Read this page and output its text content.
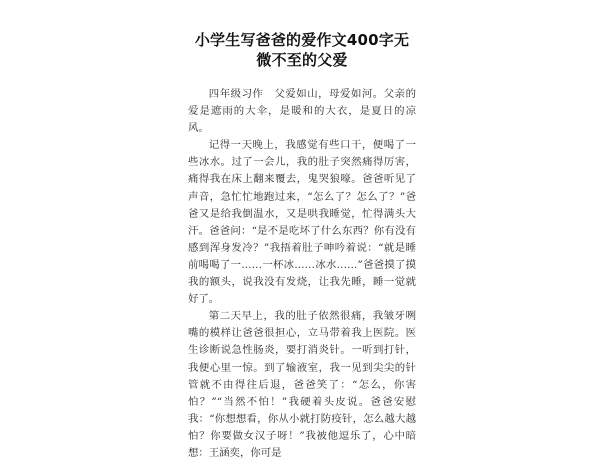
小学生写爸爸的爱作文400字无微不至的父爱

四年级习作　父爱如山，母爱如河。父亲的爱是遮雨的大伞，是暖和的大衣，是夏日的凉风。

记得一天晚上，我感觉有些口干，便喝了一些冰水。过了一会儿，我的肚子突然痛得厉害，痛得我在床上翻来覆去，鬼哭狼嚎。爸爸听见了声音，急忙忙地跑过来，“怎么了？怎么了？”爸爸又是给我倒温水，又是哄我睡觉，忙得满头大汗。爸爸问：“是不是吃坏了什么东西？你有没有感到浑身发冷？”我捂着肚子呻吟着说：“就是睡前喝喝了一……一杯冰……冰水……”爸爸摸了摸我的额头，说我没有发烧，让我先睡，睡一觉就好了。

第二天早上，我的肚子依然很痛，我皱牙咧嘴的模样让爸爸很担心，立马带着我上医院。医生诊断说急性肠炎，要打消炎针。一听到打针，我便心里一惊。到了输液室，我一见到尖尖的针管就不由得往后退，爸爸笑了：“怎么，你害怕？”“当然不怕！”我硬着头皮说。爸爸安慰我：“你想想看，你从小就打防疫针，怎么越大越怕？你要做女汉子呀！”我被他逗乐了，心中暗想：王涵奕，你可是
